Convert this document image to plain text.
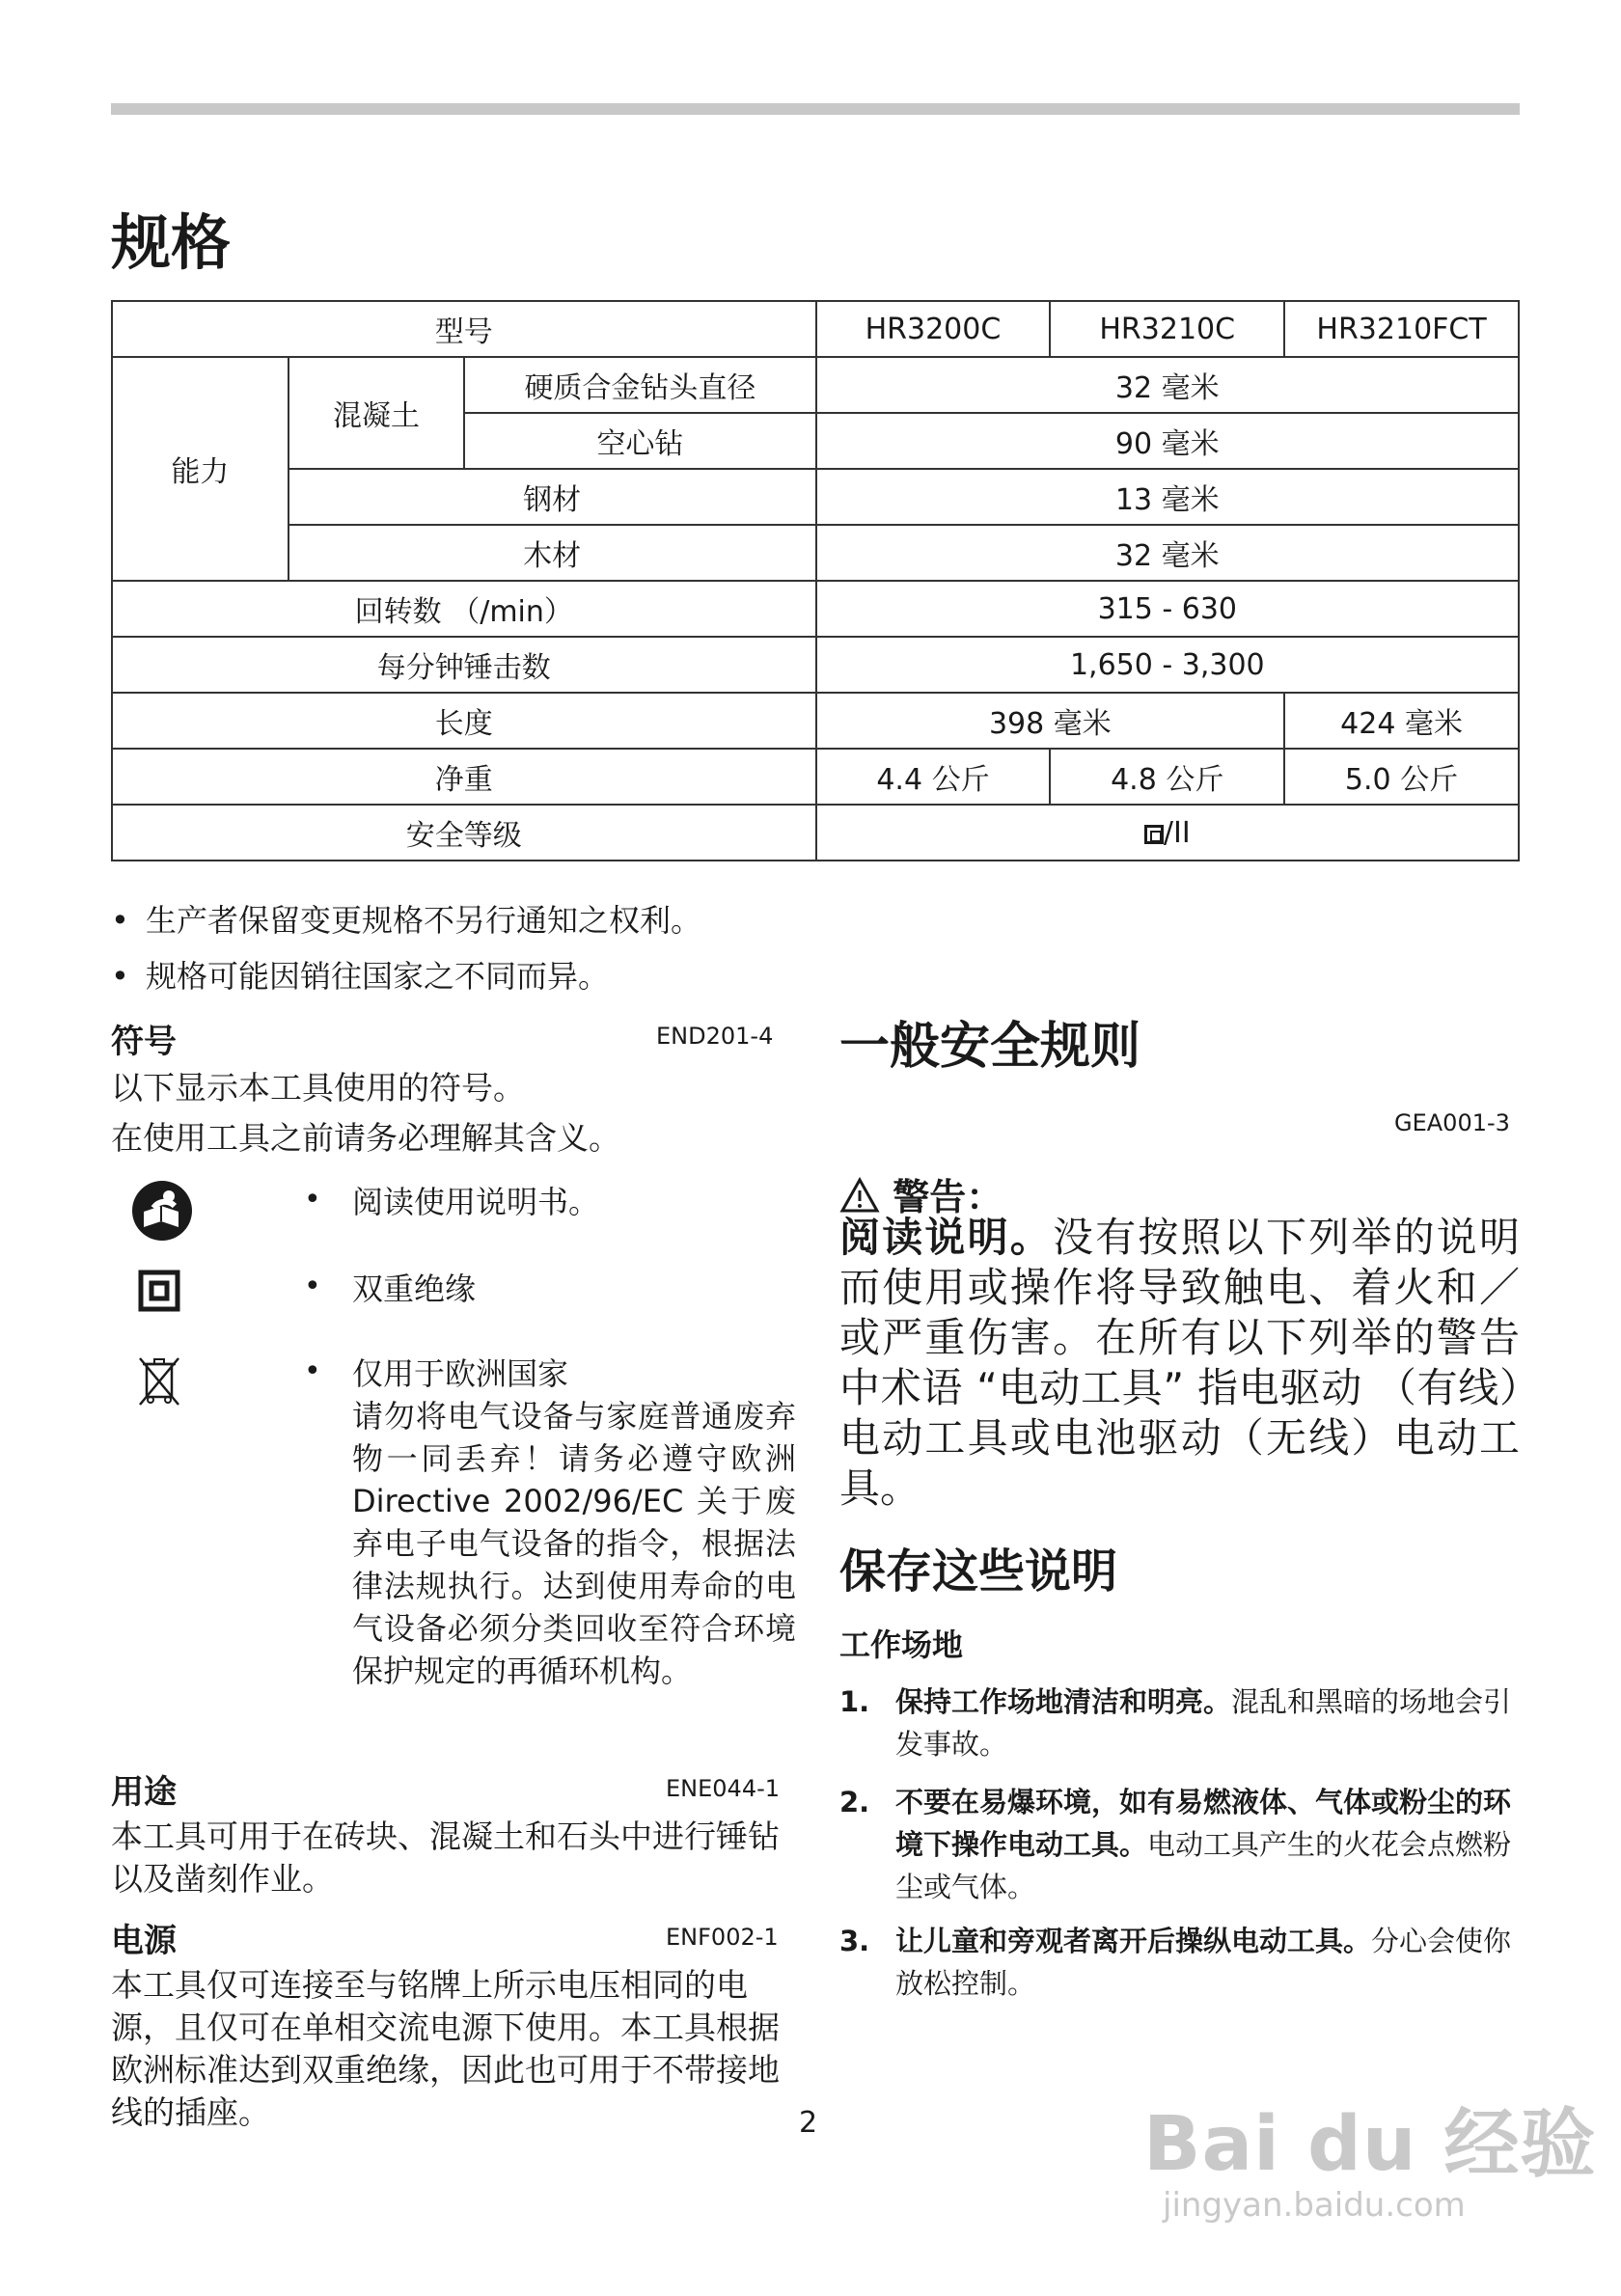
规格
型号			HR3200C	HR3210C	HR3210FCT
能力	混凝土	硬质合金钻头直径	32 毫米		
		空心钻	90 毫米		
	钢材		13 毫米		
	木材		32 毫米		
回转数 （/min）			315 - 630		
每分钟锤击数			1,650 - 3,300		
长度			398 毫米		424 毫米
净重			4.4 公斤	4.8 公斤	5.0 公斤
安全等级			/II		
• 生产者保留变更规格不另行通知之权利。
• 规格可能因销往国家之不同而异。
符号	END201-4
以下显示本工具使用的符号。
在使用工具之前请务必理解其含义。
• 阅读使用说明书。
• 双重绝缘
• 仅用于欧洲国家
请勿将电气设备与家庭普通废弃物一同丢弃！请务必遵守欧洲 Directive 2002/96/EC 关于废弃电子电气设备的指令，根据法律法规执行。达到使用寿命的电气设备必须分类回收至符合环境保护规定的再循环机构。
用途	ENE044-1
本工具可用于在砖块、混凝土和石头中进行锤钻以及凿刻作业。
电源	ENF002-1
本工具仅可连接至与铭牌上所示电压相同的电源，且仅可在单相交流电源下使用。本工具根据欧洲标准达到双重绝缘，因此也可用于不带接地线的插座。
一般安全规则
GEA001-3
警告：
阅读说明。没有按照以下列举的说明而使用或操作将导致触电、着火和／或严重伤害。在所有以下列举的警告中术语 “电动工具” 指电驱动 （有线）电动工具或电池驱动（无线）电动工具。
保存这些说明
工作场地
1. 保持工作场地清洁和明亮。混乱和黑暗的场地会引发事故。
2. 不要在易爆环境，如有易燃液体、气体或粉尘的环境下操作电动工具。电动工具产生的火花会点燃粉尘或气体。
3. 让儿童和旁观者离开后操纵电动工具。分心会使你放松控制。
2	Bai du 经验
jingyan.baidu.com
